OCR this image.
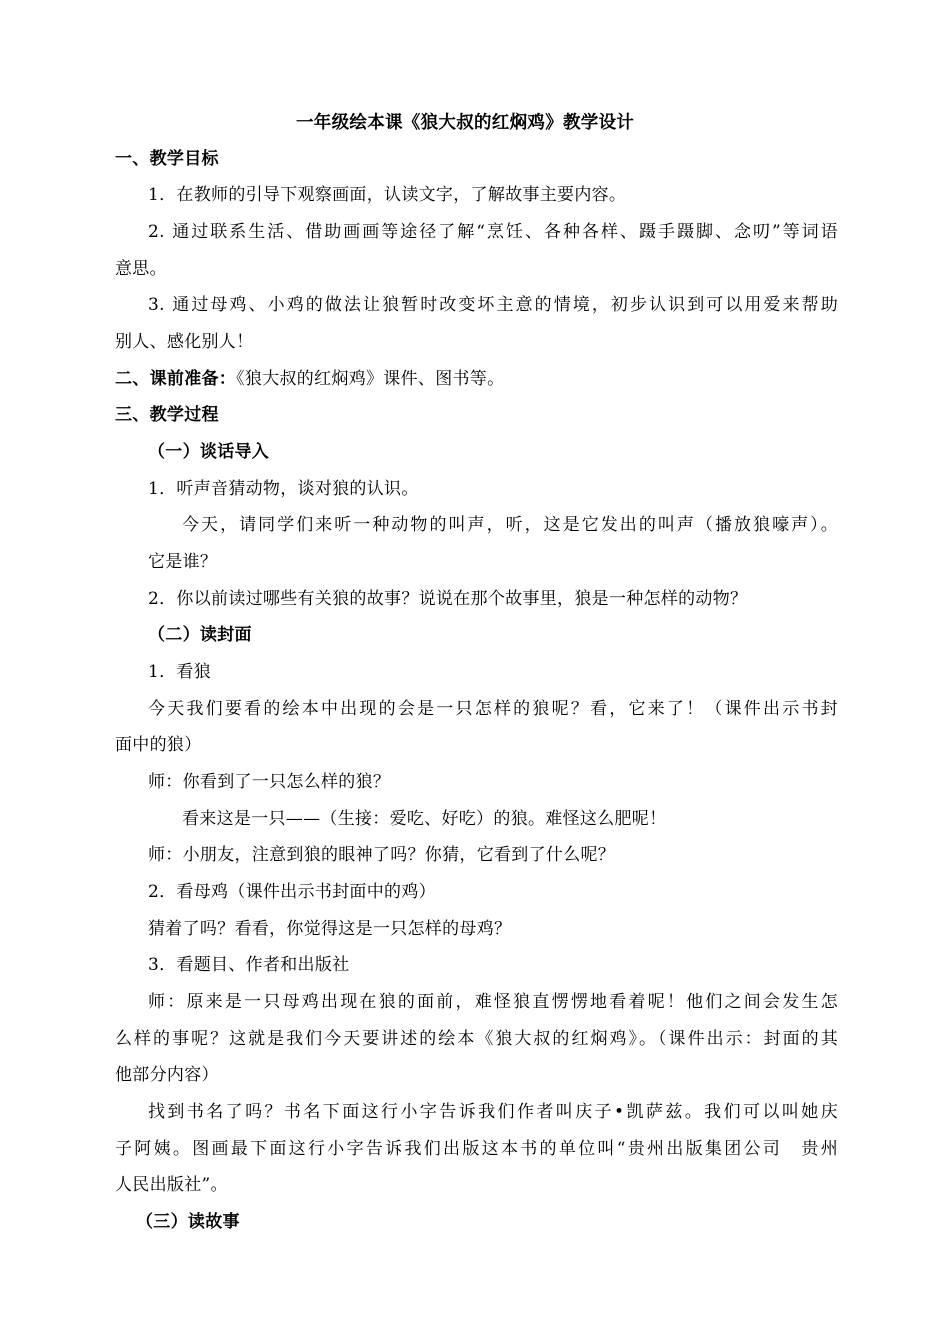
一年级绘本课《狼大叔的红焖鸡》教学设计
一、教学目标
1．在教师的引导下观察画面，认读文字，了解故事主要内容。
2. 通过联系生活、借助画画等途径了解“烹饪、各种各样、蹑手蹑脚、念叨”等词语
意思。
3. 通过母鸡、小鸡的做法让狼暂时改变坏主意的情境，初步认识到可以用爱来帮助
别人、感化别人！
二、课前准备：《狼大叔的红焖鸡》课件、图书等。
三、教学过程
（一）谈话导入
1．听声音猜动物，谈对狼的认识。
今天，请同学们来听一种动物的叫声，听，这是它发出的叫声（播放狼嚎声）。
它是谁？
2．你以前读过哪些有关狼的故事？说说在那个故事里，狼是一种怎样的动物？
（二）读封面
1．看狼
今天我们要看的绘本中出现的会是一只怎样的狼呢？看，它来了！（课件出示书封
面中的狼）
师：你看到了一只怎么样的狼？
看来这是一只——（生接：爱吃、好吃）的狼。难怪这么肥呢！
师：小朋友，注意到狼的眼神了吗？你猜，它看到了什么呢？
2．看母鸡（课件出示书封面中的鸡）
猜着了吗？看看，你觉得这是一只怎样的母鸡？
3．看题目、作者和出版社
师：原来是一只母鸡出现在狼的面前，难怪狼直愣愣地看着呢！他们之间会发生怎
么样的事呢？这就是我们今天要讲述的绘本《狼大叔的红焖鸡》。（课件出示：封面的其
他部分内容）
找到书名了吗？书名下面这行小字告诉我们作者叫庆子•凯萨兹。我们可以叫她庆
子阿姨。图画最下面这行小字告诉我们出版这本书的单位叫“贵州出版集团公司　贵州
人民出版社”。
（三）读故事
